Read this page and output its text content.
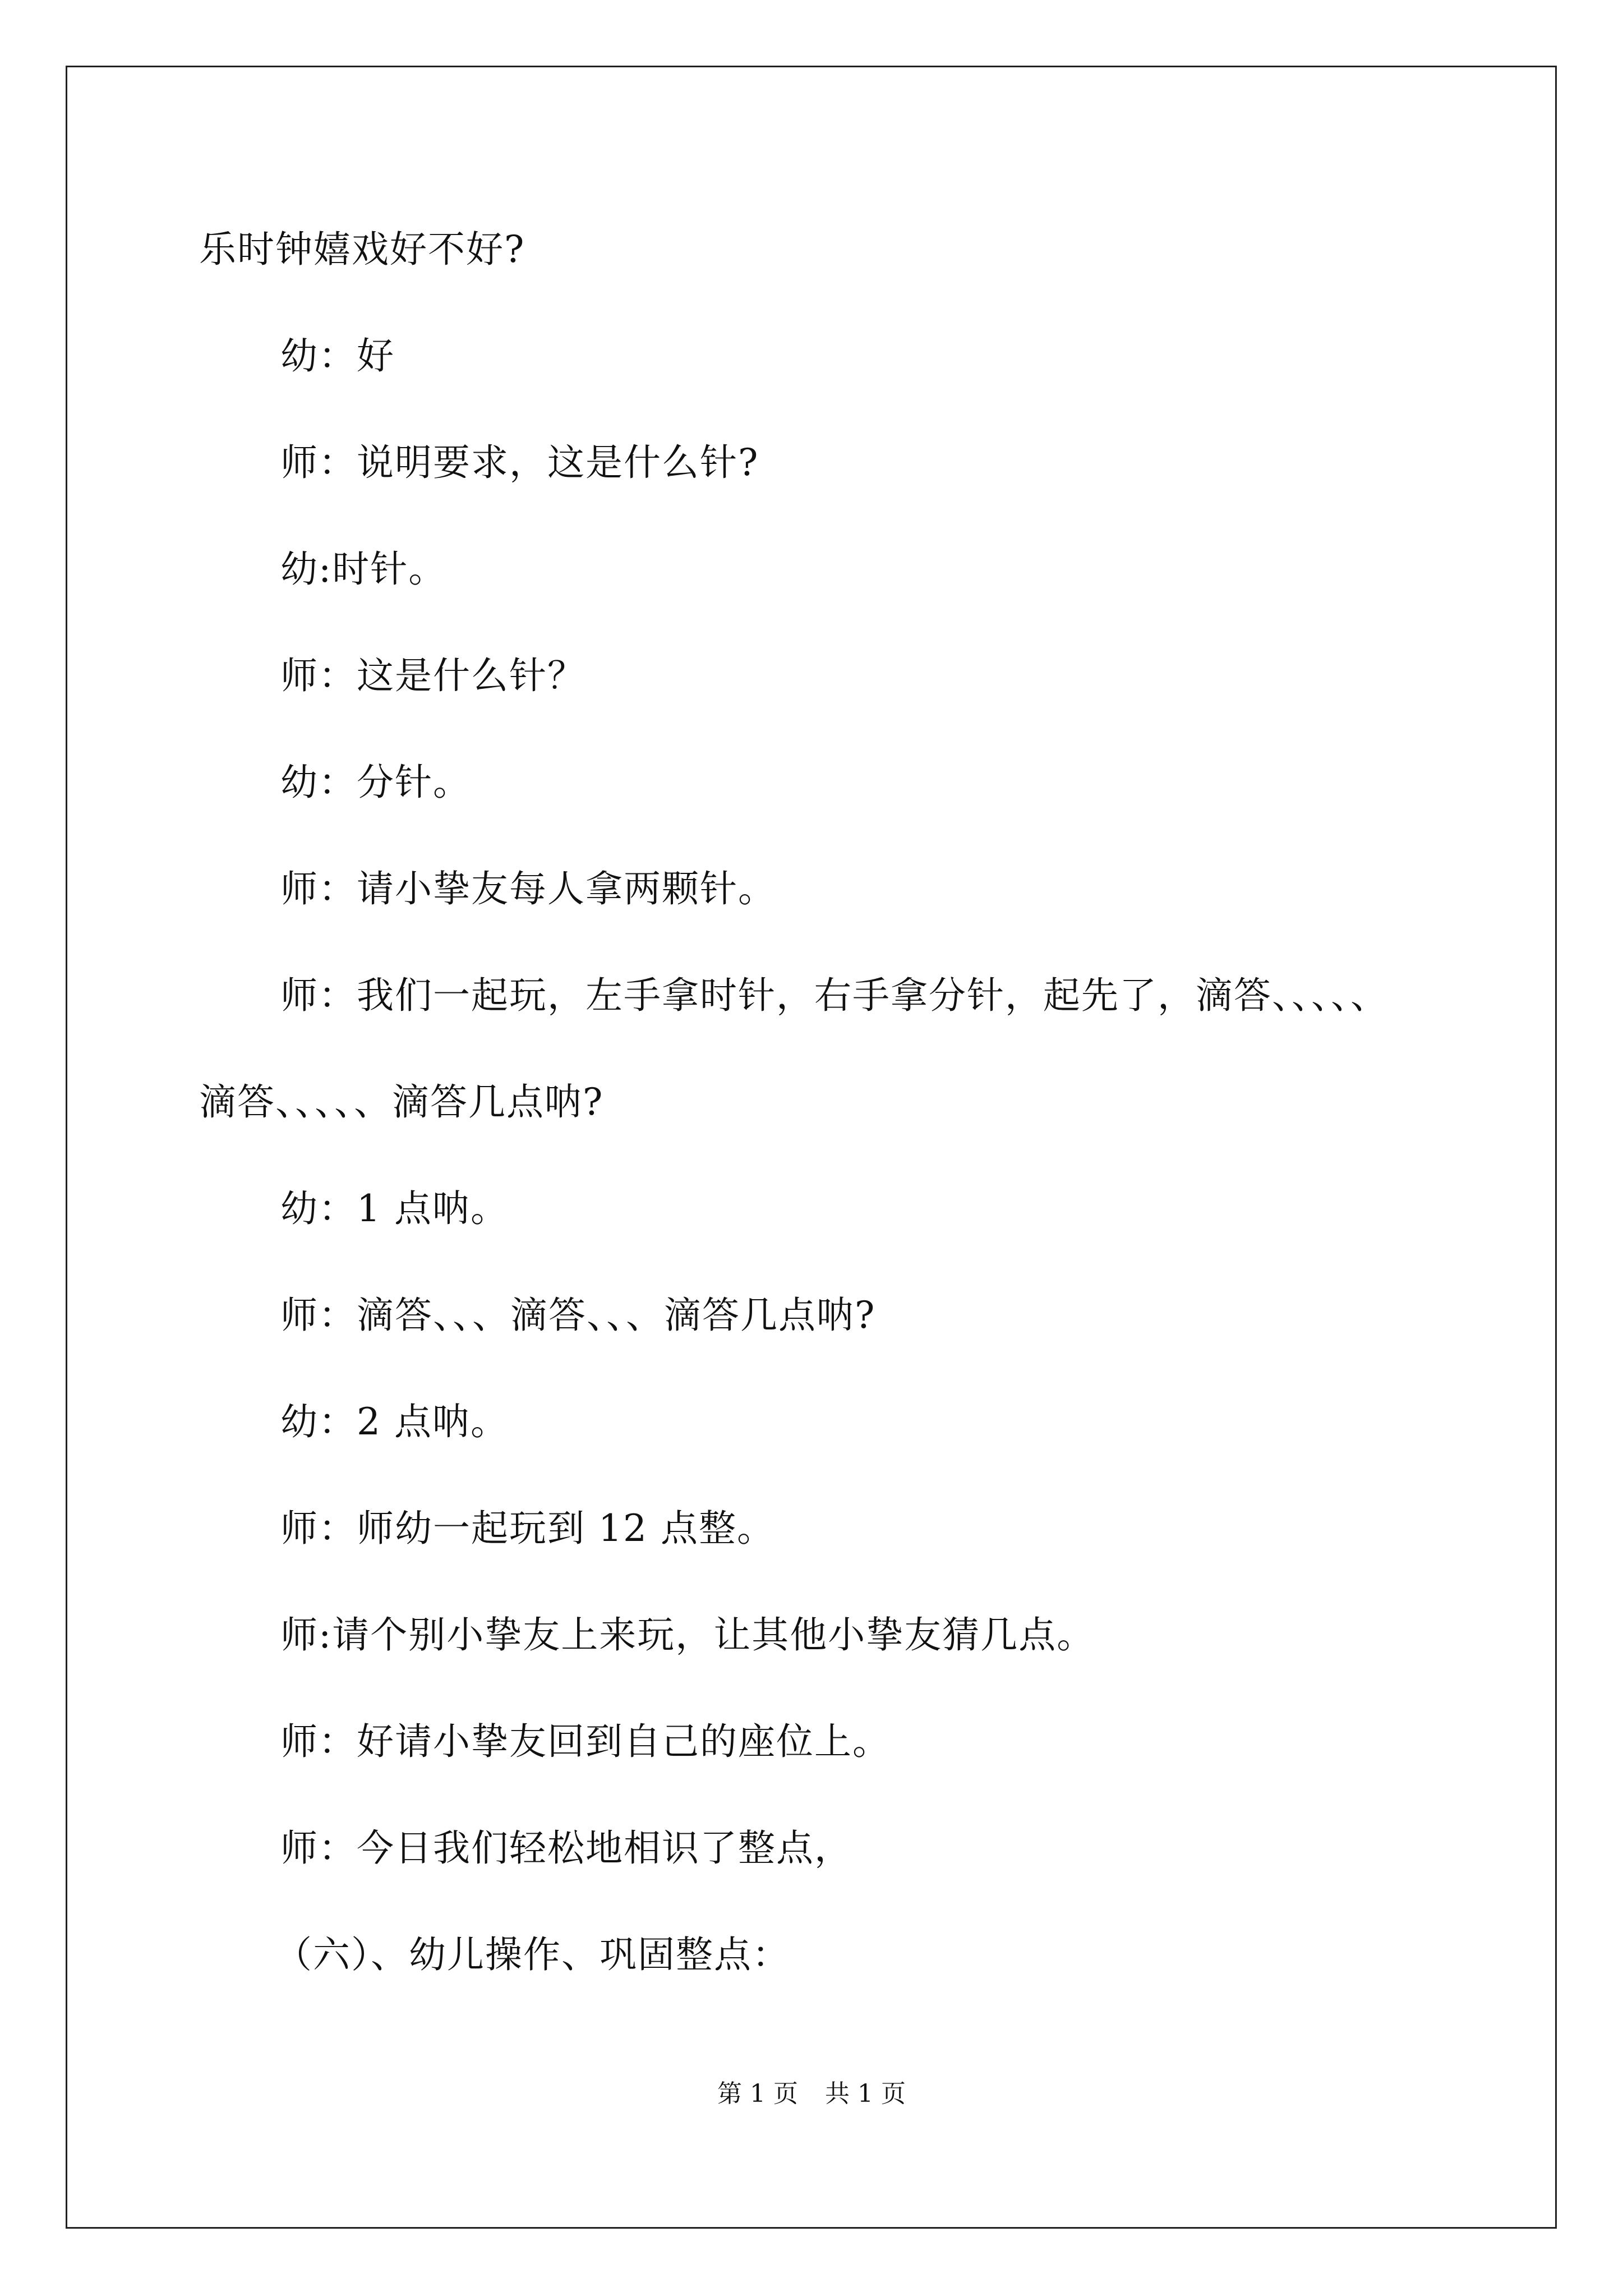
乐时钟嬉戏好不好?
幼：好
师：说明要求，这是什么针?
幼:时针。
师：这是什么针？
幼：分针。
师：请小挚友每人拿两颗针。
师：我们一起玩，左手拿时针，右手拿分针，起先了，滴答、、、、、
滴答、、、、、滴答几点呐?
幼：1 点呐。
师：滴答、、、滴答、、、滴答几点呐?
幼：2 点呐。
师：师幼一起玩到 12 点整。
师:请个别小挚友上来玩，让其他小挚友猜几点。
师：好请小挚友回到自己的座位上。
师：今日我们轻松地相识了整点，
（六）、幼儿操作、巩固整点：
第 1 页 共 1 页
